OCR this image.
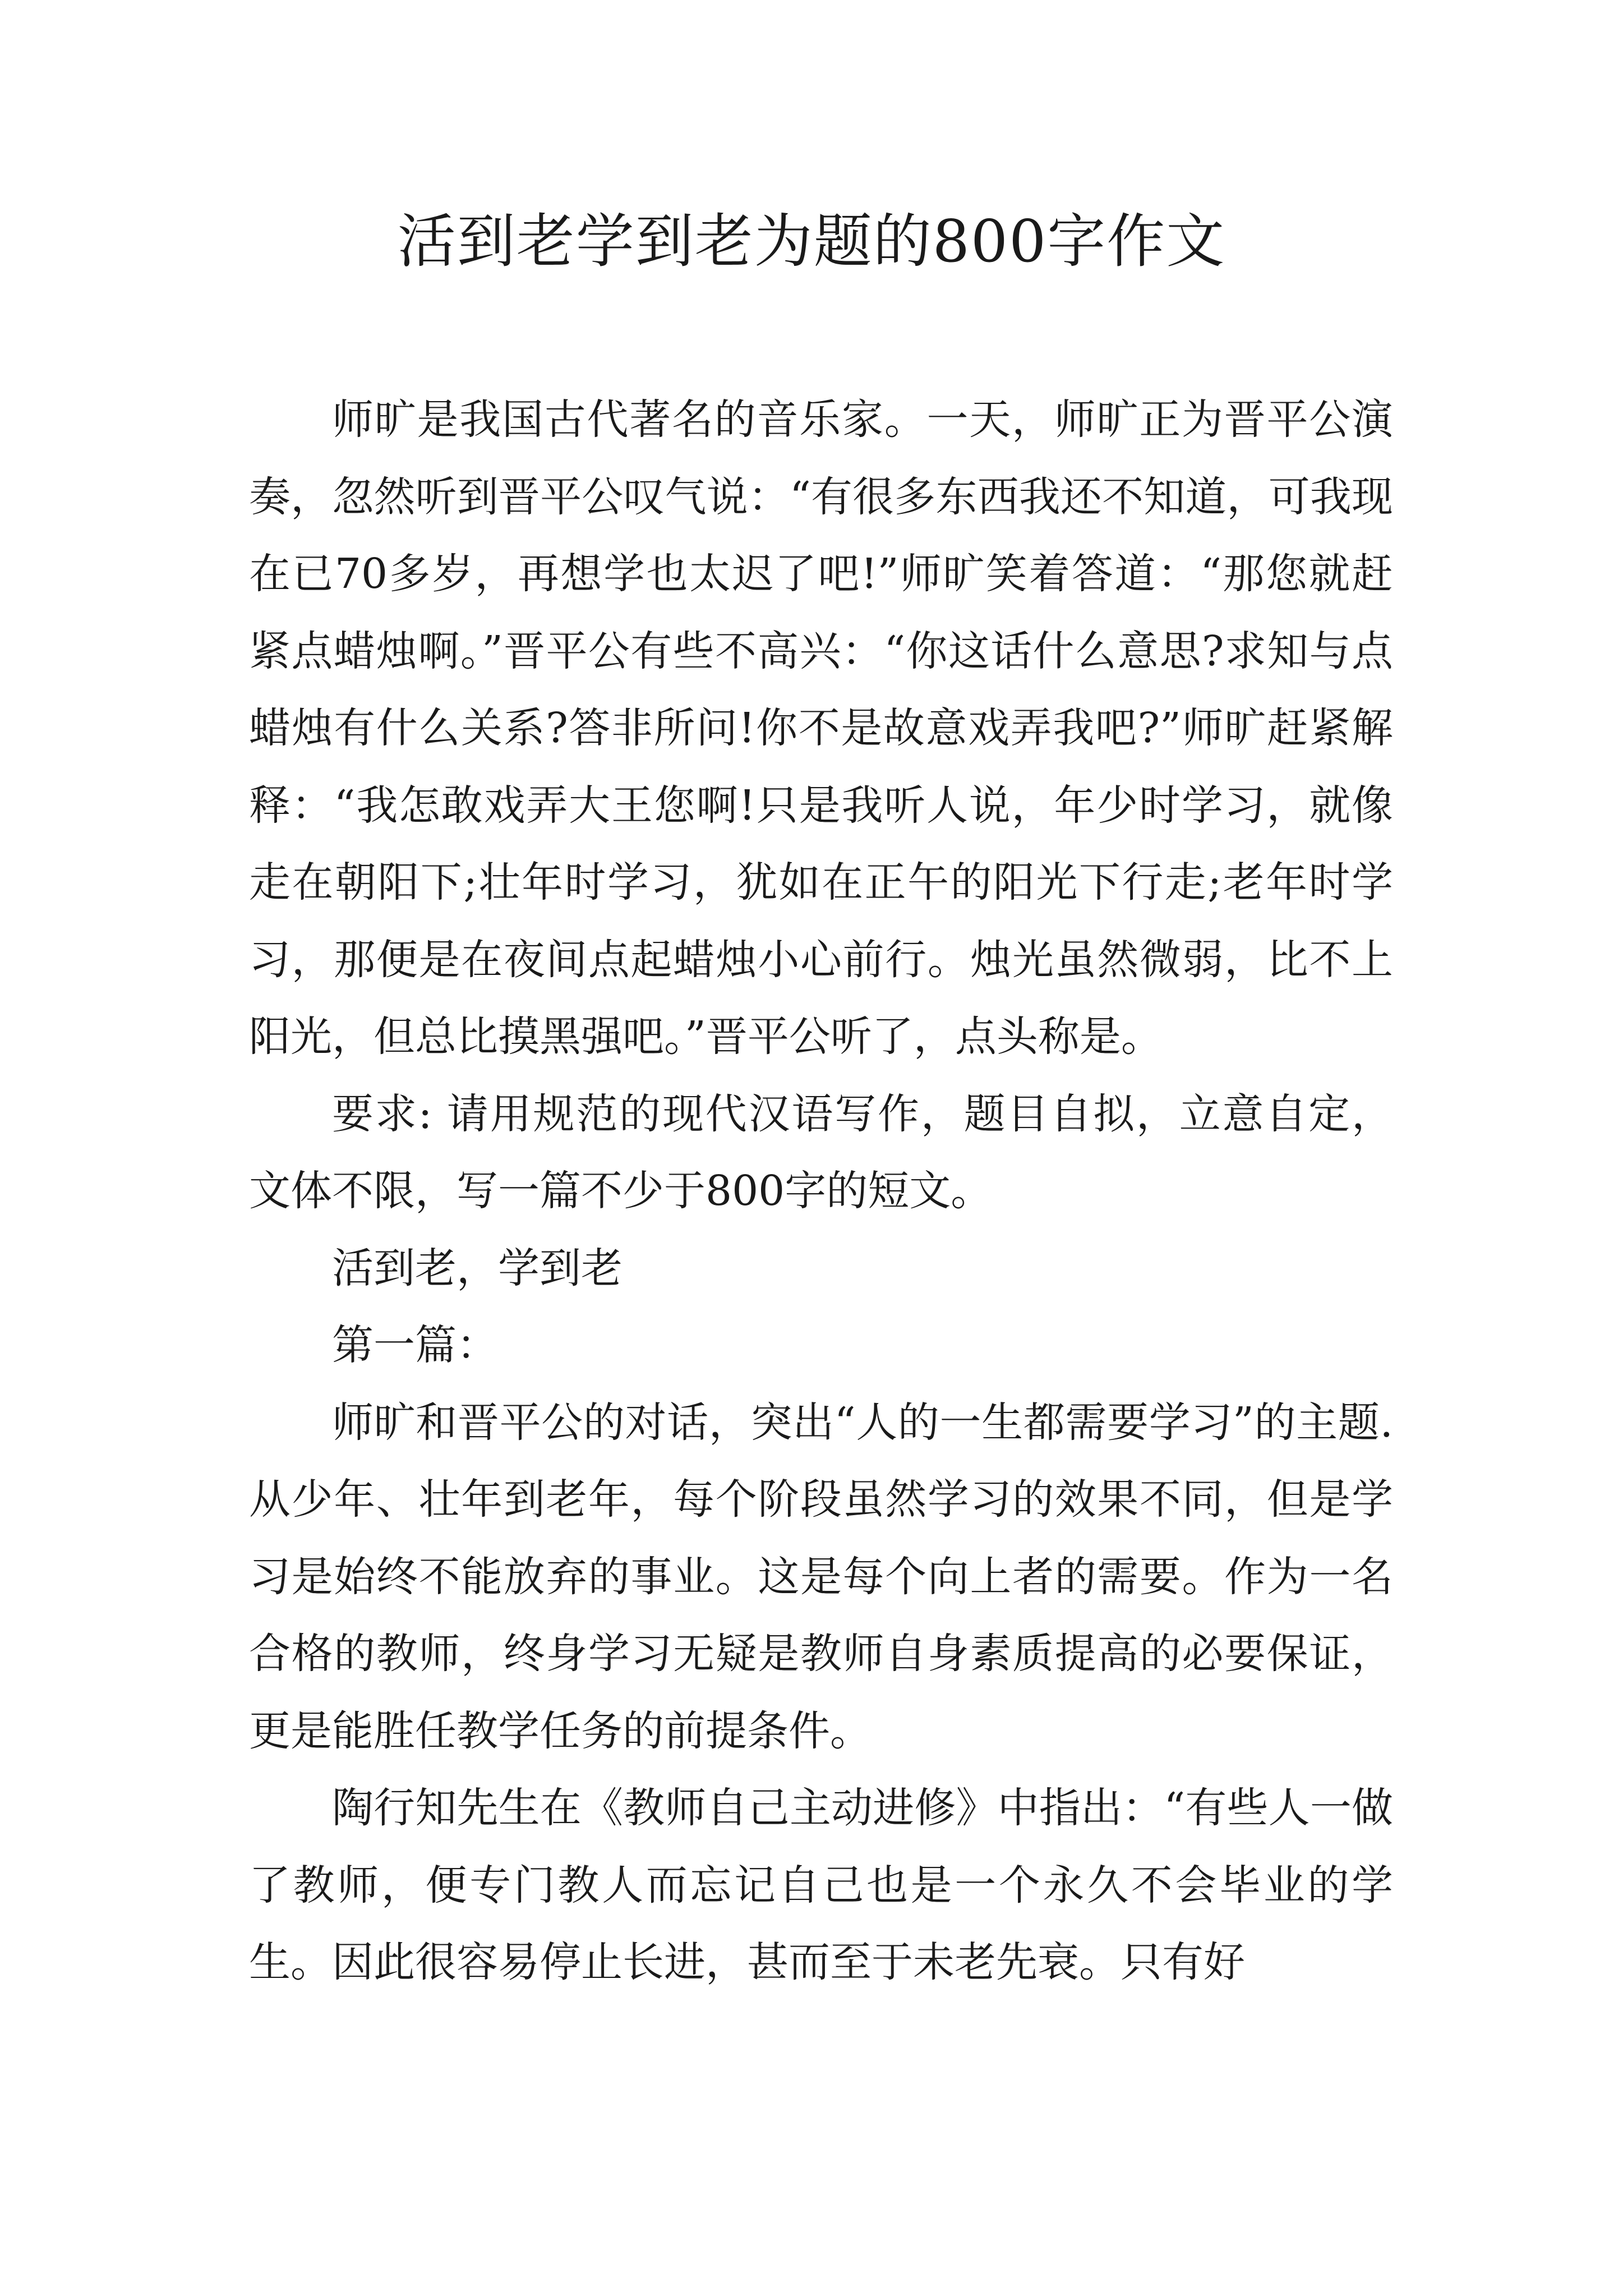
活到老学到老为题的800字作文

师旷是我国古代著名的音乐家。一天，师旷正为晋平公演奏，忽然听到晋平公叹气说：“有很多东西我还不知道，可我现在已70多岁，再想学也太迟了吧!”师旷笑着答道：“那您就赶紧点蜡烛啊。”晋平公有些不高兴：“你这话什么意思?求知与点蜡烛有什么关系?答非所问!你不是故意戏弄我吧?”师旷赶紧解释：“我怎敢戏弄大王您啊!只是我听人说，年少时学习，就像走在朝阳下;壮年时学习，犹如在正午的阳光下行走;老年时学习，那便是在夜间点起蜡烛小心前行。烛光虽然微弱，比不上阳光，但总比摸黑强吧。”晋平公听了，点头称是。

要求: 请用规范的现代汉语写作，题目自拟，立意自定，文体不限，写一篇不少于800字的短文。

活到老，学到老

第一篇：

师旷和晋平公的对话，突出“人的一生都需要学习”的主题.从少年、壮年到老年，每个阶段虽然学习的效果不同，但是学习是始终不能放弃的事业。这是每个向上者的需要。作为一名合格的教师，终身学习无疑是教师自身素质提高的必要保证，更是能胜任教学任务的前提条件。

陶行知先生在《教师自己主动进修》中指出：“有些人一做了教师，便专门教人而忘记自己也是一个永久不会毕业的学生。因此很容易停止长进，甚而至于未老先衰。只有好
